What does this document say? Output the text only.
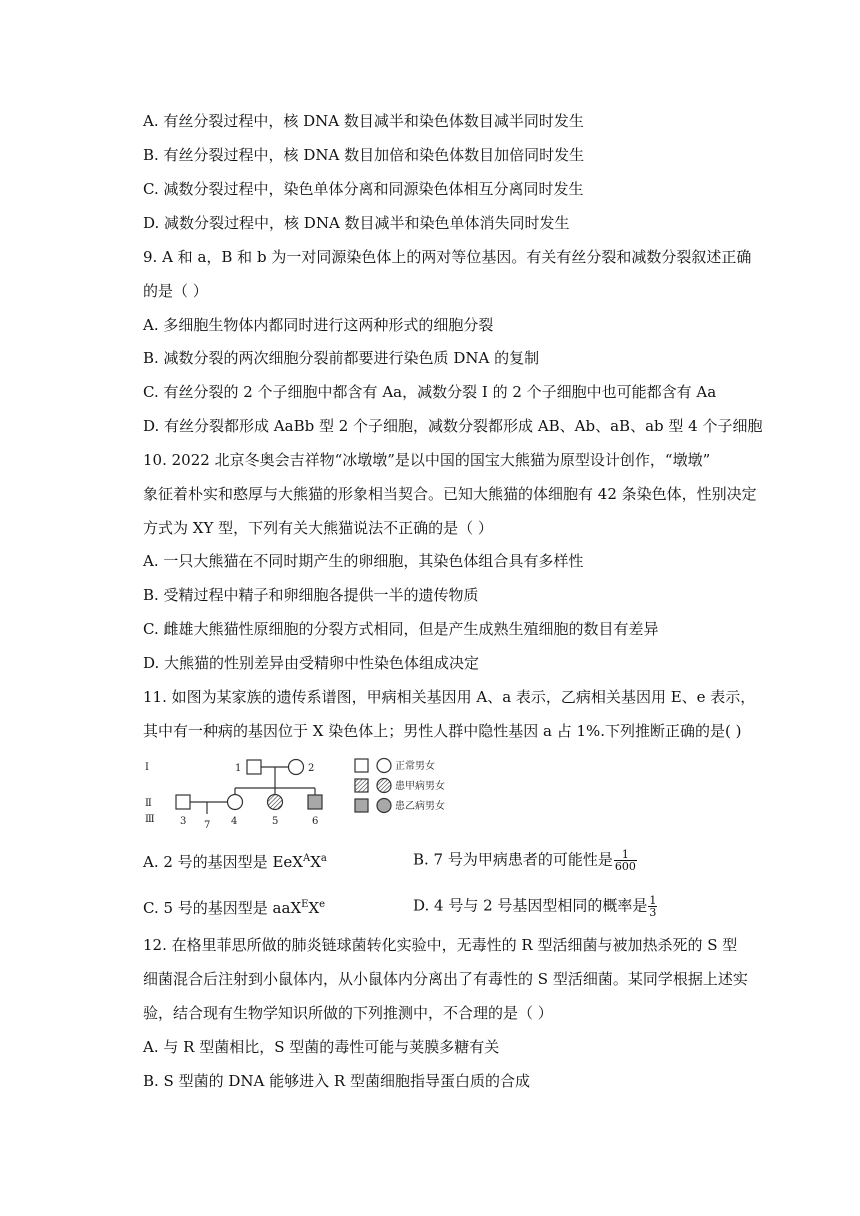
A. 有丝分裂过程中，核 DNA 数目减半和染色体数目减半同时发生
B. 有丝分裂过程中，核 DNA 数目加倍和染色体数目加倍同时发生
C. 减数分裂过程中，染色单体分离和同源染色体相互分离同时发生
D. 减数分裂过程中，核 DNA 数目减半和染色单体消失同时发生
9. A 和 a，B 和 b 为一对同源染色体上的两对等位基因。有关有丝分裂和减数分裂叙述正确
的是（ ）
A. 多细胞生物体内都同时进行这两种形式的细胞分裂
B. 减数分裂的两次细胞分裂前都要进行染色质 DNA 的复制
C. 有丝分裂的 2 个子细胞中都含有 Aa，减数分裂 I 的 2 个子细胞中也可能都含有 Aa
D. 有丝分裂都形成 AaBb 型 2 个子细胞，减数分裂都形成 AB、Ab、aB、ab 型 4 个子细胞
10. 2022 北京冬奥会吉祥物“冰墩墩”是以中国的国宝大熊猫为原型设计创作，“墩墩”
象征着朴实和憨厚与大熊猫的形象相当契合。已知大熊猫的体细胞有 42 条染色体，性别决定
方式为 XY 型，下列有关大熊猫说法不正确的是（ ）
A. 一只大熊猫在不同时期产生的卵细胞，其染色体组合具有多样性
B. 受精过程中精子和卵细胞各提供一半的遗传物质
C. 雌雄大熊猫性原细胞的分裂方式相同，但是产生成熟生殖细胞的数目有差异
D. 大熊猫的性别差异由受精卵中性染色体组成决定
11. 如图为某家族的遗传系谱图，甲病相关基因用 A、a 表示，乙病相关基因用 E、e 表示，
其中有一种病的基因位于 X 染色体上；男性人群中隐性基因 a 占 1%.下列推断正确的是( )
Ⅰ
Ⅱ
Ⅲ
1	2
3 7 4	5	6
正常男女
患甲病男女
患乙病男女
A. 2 号的基因型是 $EeX^AX^a$	B. 7 号为甲病患者的可能性是 $\frac{1}{600}$
C. 5 号的基因型是 aaX$^E$Xe	D. 4 号与 2 号基因型相同的概率是 $\frac{1}{3}$
12. 在格里菲思所做的肺炎链球菌转化实验中，无毒性的 R 型活细菌与被加热杀死的 S 型
细菌混合后注射到小鼠体内，从小鼠体内分离出了有毒性的 S 型活细菌。某同学根据上述实
验，结合现有生物学知识所做的下列推测中，不合理的是（ ）
A. 与 R 型菌相比，S 型菌的毒性可能与荚膜多糖有关
B. S 型菌的 DNA 能够进入 R 型菌细胞指导蛋白质的合成
